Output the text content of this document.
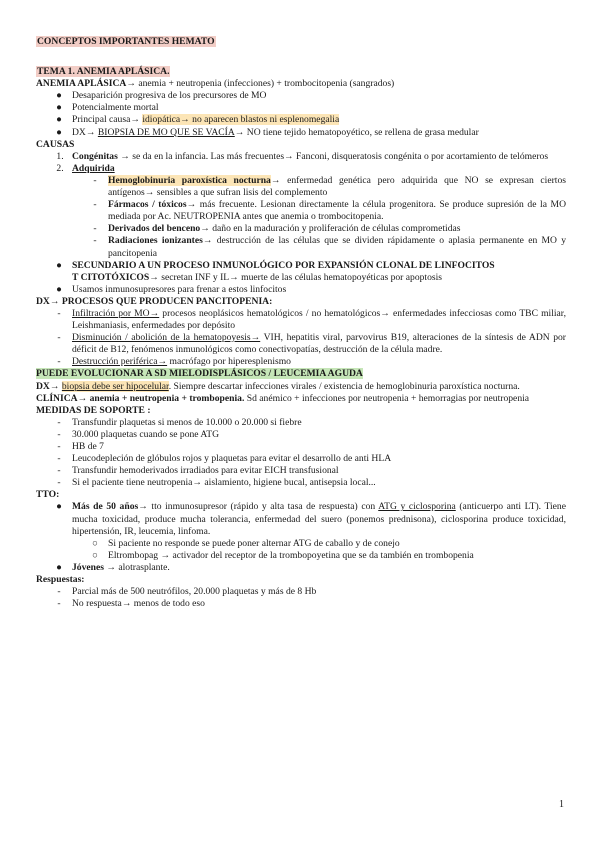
CONCEPTOS IMPORTANTES HEMATO
TEMA 1. ANEMIA APLÁSICA.
ANEMIA APLÁSICA→ anemia + neutropenia (infecciones) + trombocitopenia (sangrados)
● Desaparición progresiva de los precursores de MO
● Potencialmente mortal
● Principal causa→ idiopática→ no aparecen blastos ni esplenomegalia
● DX→ BIOPSIA DE MO QUE SE VACÍA→ NO tiene tejido hematopoyético, se rellena de grasa medular
CAUSAS
1. Congénitas → se da en la infancia. Las más frecuentes→ Fanconi, disqueratosis congénita o por acortamiento de telómeros
2. Adquirida
-	Hemoglobinuria paroxística nocturna→ enfermedad genética pero adquirida que NO se expresan ciertos antígenos→ sensibles a que sufran lisis del complemento
-	Fármacos / tóxicos→ más frecuente. Lesionan directamente la célula progenitora. Se produce supresión de la MO mediada por Ac. NEUTROPENIA antes que anemia o trombocitopenia.
-	Derivados del benceno→ daño en la maduración y proliferación de células comprometidas
-	Radiaciones ionizantes→ destrucción de las células que se dividen rápidamente o aplasia permanente en MO y pancitopenia
● SECUNDARIO A UN PROCESO INMUNOLÓGICO POR EXPANSIÓN CLONAL DE LINFOCITOS
T CITOTÓXICOS→ secretan INF y IL→ muerte de las células hematopoyéticas por apoptosis
● Usamos inmunosupresores para frenar a estos linfocitos
DX→ PROCESOS QUE PRODUCEN PANCITOPENIA:
-	Infiltración por MO→ procesos neoplásicos hematológicos / no hematológicos→ enfermedades infecciosas como TBC miliar, Leishmaniasis, enfermedades por depósito
-	Disminución / abolición de la hematopoyesis→ VIH, hepatitis viral, parvovirus B19, alteraciones de la síntesis de ADN por déficit de B12, fenómenos inmunológicos como conectivopatías, destrucción de la célula madre.
-	Destrucción periférica→ macrófago por hiperesplenismo
PUEDE EVOLUCIONAR A SD MIELODISPLÁSICOS / LEUCEMIA AGUDA
DX→ biopsia debe ser hipocelular. Siempre descartar infecciones virales / existencia de hemoglobinuria paroxística nocturna.
CLÍNICA→ anemia + neutropenia + trombopenia. Sd anémico + infecciones por neutropenia + hemorragias por neutropenia
MEDIDAS DE SOPORTE :
-	Transfundir plaquetas si menos de 10.000 o 20.000 si fiebre
-	30.000 plaquetas cuando se pone ATG
-	HB de 7
-	Leucodepleción de glóbulos rojos y plaquetas para evitar el desarrollo de anti HLA
-	Transfundir hemoderivados irradiados para evitar EICH transfusional
-	Si el paciente tiene neutropenia→ aislamiento, higiene bucal, antisepsia local...
TTO:
● Más de 50 años→ tto inmunosupresor (rápido y alta tasa de respuesta) con ATG y ciclosporina (anticuerpo anti LT). Tiene mucha toxicidad, produce mucha tolerancia, enfermedad del suero (ponemos prednisona), ciclosporina produce toxicidad, hipertensión, IR, leucemia, linfoma.
○ Si paciente no responde se puede poner alternar ATG de caballo y de conejo
○ Eltrombopag → activador del receptor de la trombopoyetina que se da también en trombopenia
● Jóvenes → alotrasplante.
Respuestas:
-	Parcial más de 500 neutrófilos, 20.000 plaquetas y más de 8 Hb
-	No respuesta→ menos de todo eso
1
